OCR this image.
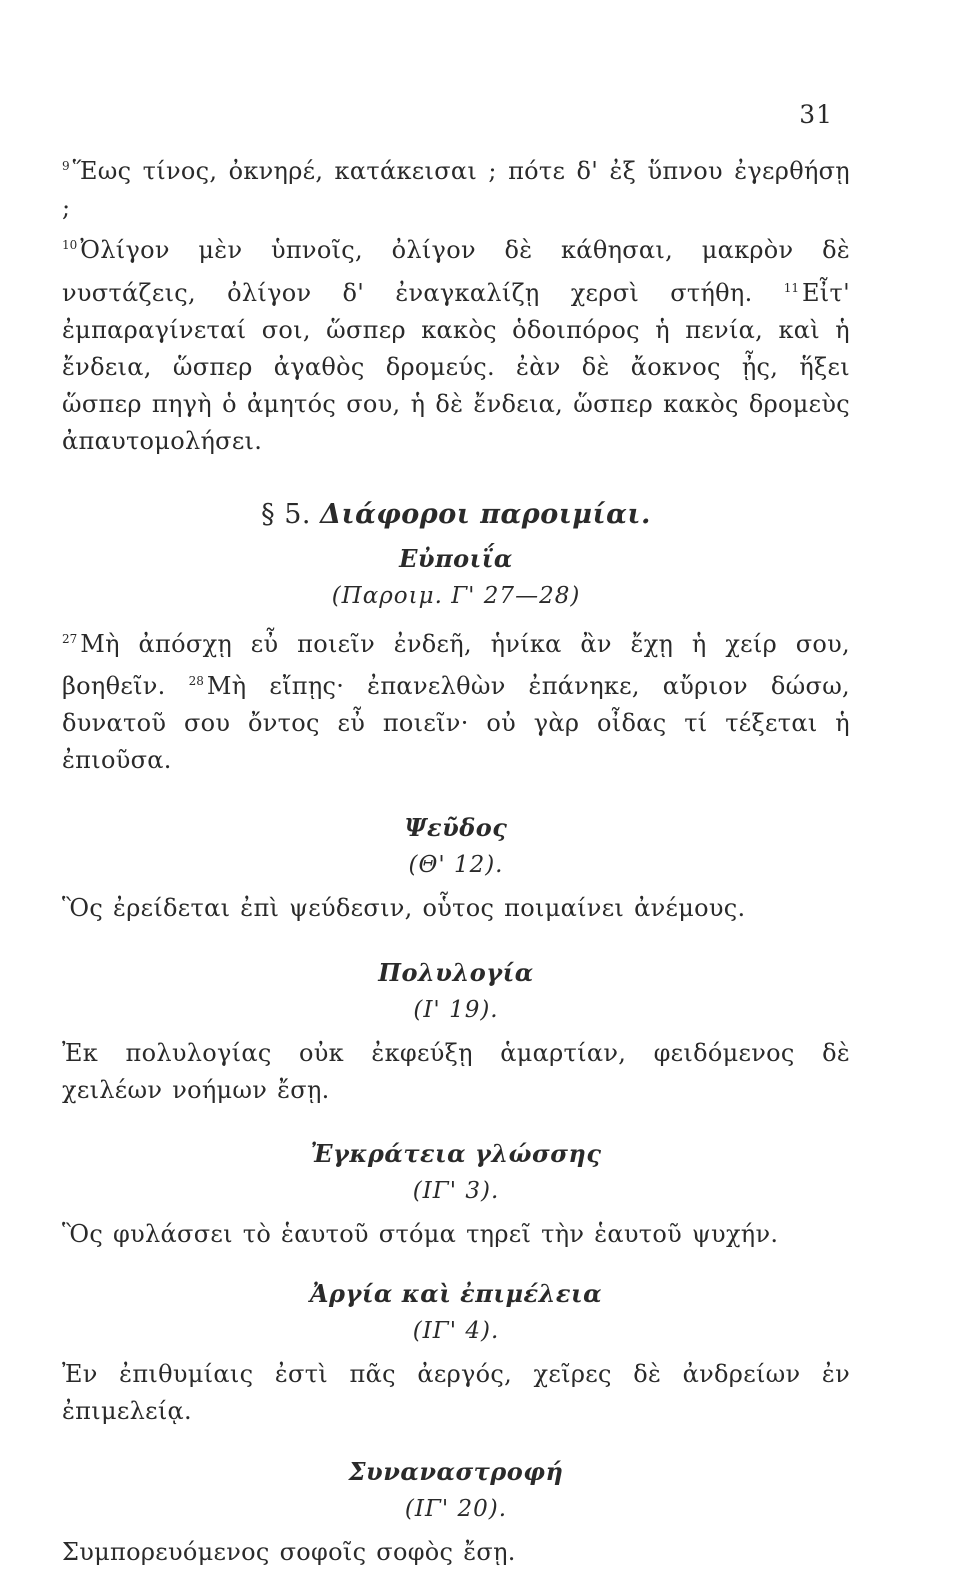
31

$^9$ Ἕως τίνος, ὀκνηρέ, κατάκεισαι ; πότε δ' ἐξ ὕπνου ἐγερθήσῃ ;

$^{10}$ Ὀλίγον μὲν ὑπνοῖς, ὀλίγον δὲ κάθησαι, μακρὸν δὲ νυστάζεις, ὀλίγον δ' ἐναγκαλίζῃ χερσὶ στήθη.	$^{11}$ Εἶτ' ἐμπαραγίνεταί σοι, ὥσπερ κακὸς ὁδοιπόρος ἡ πενία, καὶ ἡ ἔνδεια, ὥσπερ ἀγαθὸς δρομεύς. ἐὰν δὲ ἄοκνος ᾖς, ἥξει ὥσπερ πηγὴ ὁ ἀμητός σου, ἡ δὲ ἔνδεια, ὥσπερ κακὸς δρομεὺς ἀπαυτομολήσει.

§ 5. Διάφοροι παροιμίαι.
Εὐποιΐα
(Παροιμ. Γ' 27—28)

$^{27}$ Μὴ ἀπόσχῃ εὖ ποιεῖν ἐνδεῆ, ἡνίκα ἂν ἔχῃ ἡ χείρ σου, βοηθεῖν. $^{28}$ Μὴ εἴπῃς· ἐπανελθὼν ἐπάνηκε, αὔριον δώσω, δυνατοῦ σου ὄντος εὖ ποιεῖν· οὐ γὰρ οἶδας τί τέξεται ἡ ἐπιοῦσα.

Ψεῦδος
(Θ' 12).

Ὃς ἐρείδεται ἐπὶ ψεύδεσιν, οὗτος ποιμαίνει ἀνέμους.

Πολυλογία
(Ι' 19).

Ἐκ πολυλογίας οὐκ ἐκφεύξῃ ἁμαρτίαν, φειδόμενος δὲ χειλέων νοήμων ἔσῃ.

Ἐγκράτεια γλώσσης
(ΙΓ' 3).

Ὃς φυλάσσει τὸ ἑαυτοῦ στόμα τηρεῖ τὴν ἑαυτοῦ ψυχήν.

Ἀργία καὶ ἐπιμέλεια
(ΙΓ' 4).

Ἐν ἐπιθυμίαις ἐστὶ πᾶς ἀεργός, χεῖρες δὲ ἀνδρείων ἐν ἐπιμελείᾳ.

Συναναστροφή
(ΙΓ' 20).

Συμπορευόμενος σοφοῖς σοφὸς ἔσῃ.
